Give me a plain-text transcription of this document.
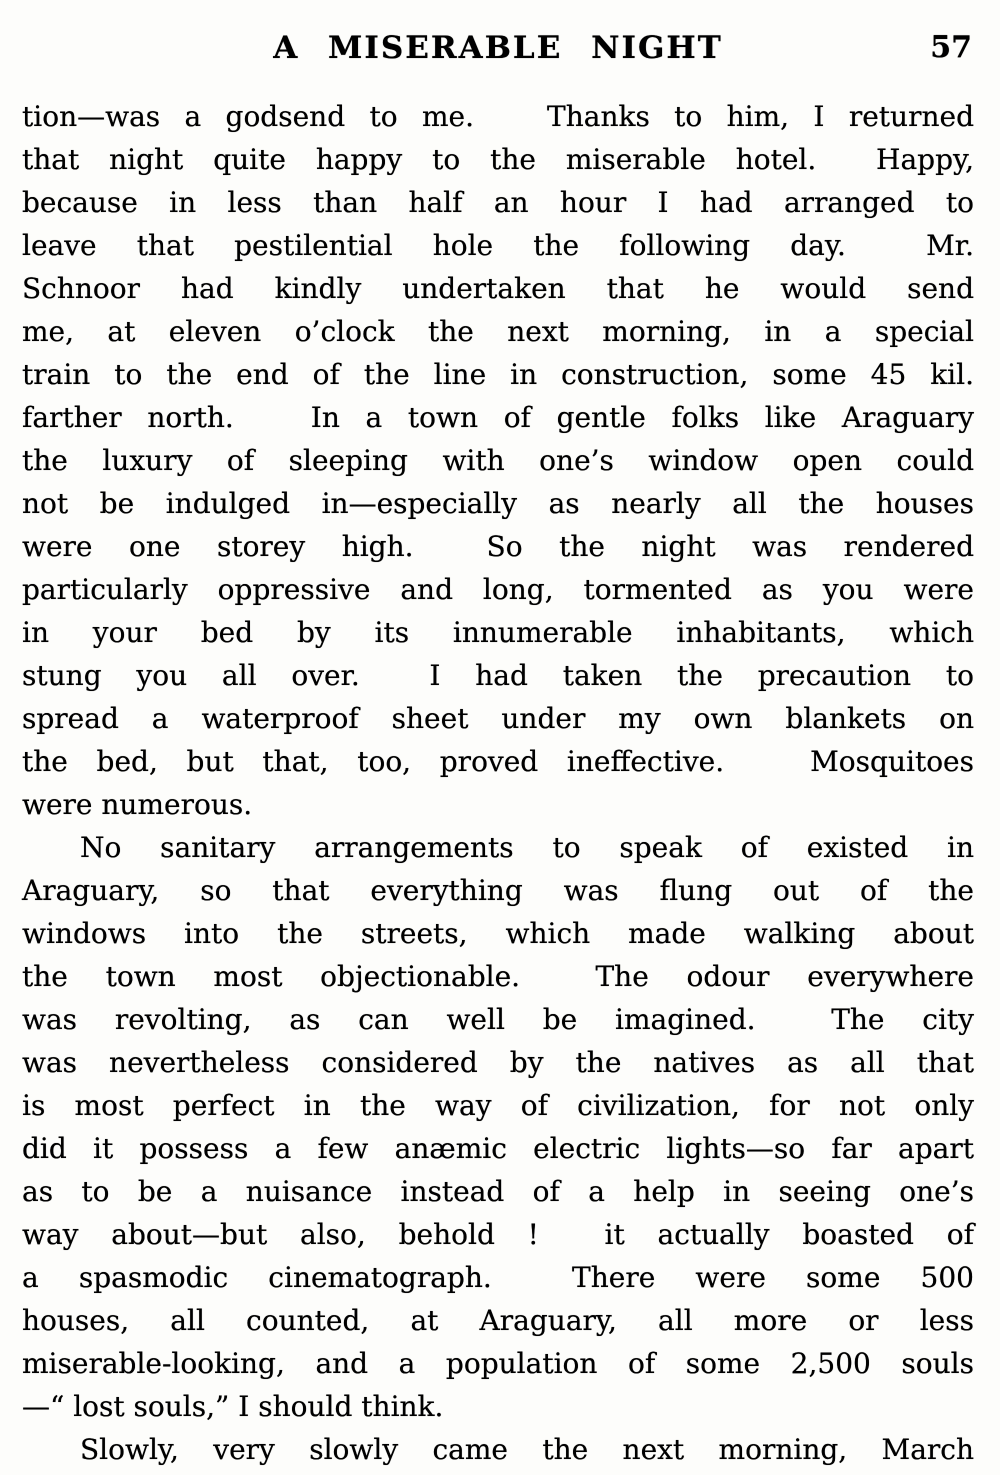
A MISERABLE NIGHT	57
tion—was a godsend to me.   Thanks to him, I returned
that night quite happy to the miserable hotel.  Happy,
because in less than half an hour I had arranged to
leave that pestilential hole the following day.  Mr.
Schnoor had kindly undertaken that he would send
me, at eleven o’clock the next morning, in a special
train to the end of the line in construction, some 45 kil.
farther north.   In a town of gentle folks like Araguary
the luxury of sleeping with one’s window open could
not be indulged in—especially as nearly all the houses
were one storey high.  So the night was rendered
particularly oppressive and long, tormented as you were
in your bed by its innumerable inhabitants, which
stung you all over.  I had taken the precaution to
spread a waterproof sheet under my own blankets on
the bed, but that, too, proved ineffective.   Mosquitoes
were numerous.
No sanitary arrangements to speak of existed in
Araguary, so that everything was flung out of the
windows into the streets, which made walking about
the town most objectionable.  The odour everywhere
was revolting, as can well be imagined.  The city
was nevertheless considered by the natives as all that
is most perfect in the way of civilization, for not only
did it possess a few anæmic electric lights—so far apart
as to be a nuisance instead of a help in seeing one’s
way about—but also, behold !  it actually boasted of
a spasmodic cinematograph.  There were some 500
houses, all counted, at Araguary, all more or less
miserable-looking, and a population of some 2,500 souls
—“ lost souls,” I should think.
Slowly, very slowly came the next morning, March
